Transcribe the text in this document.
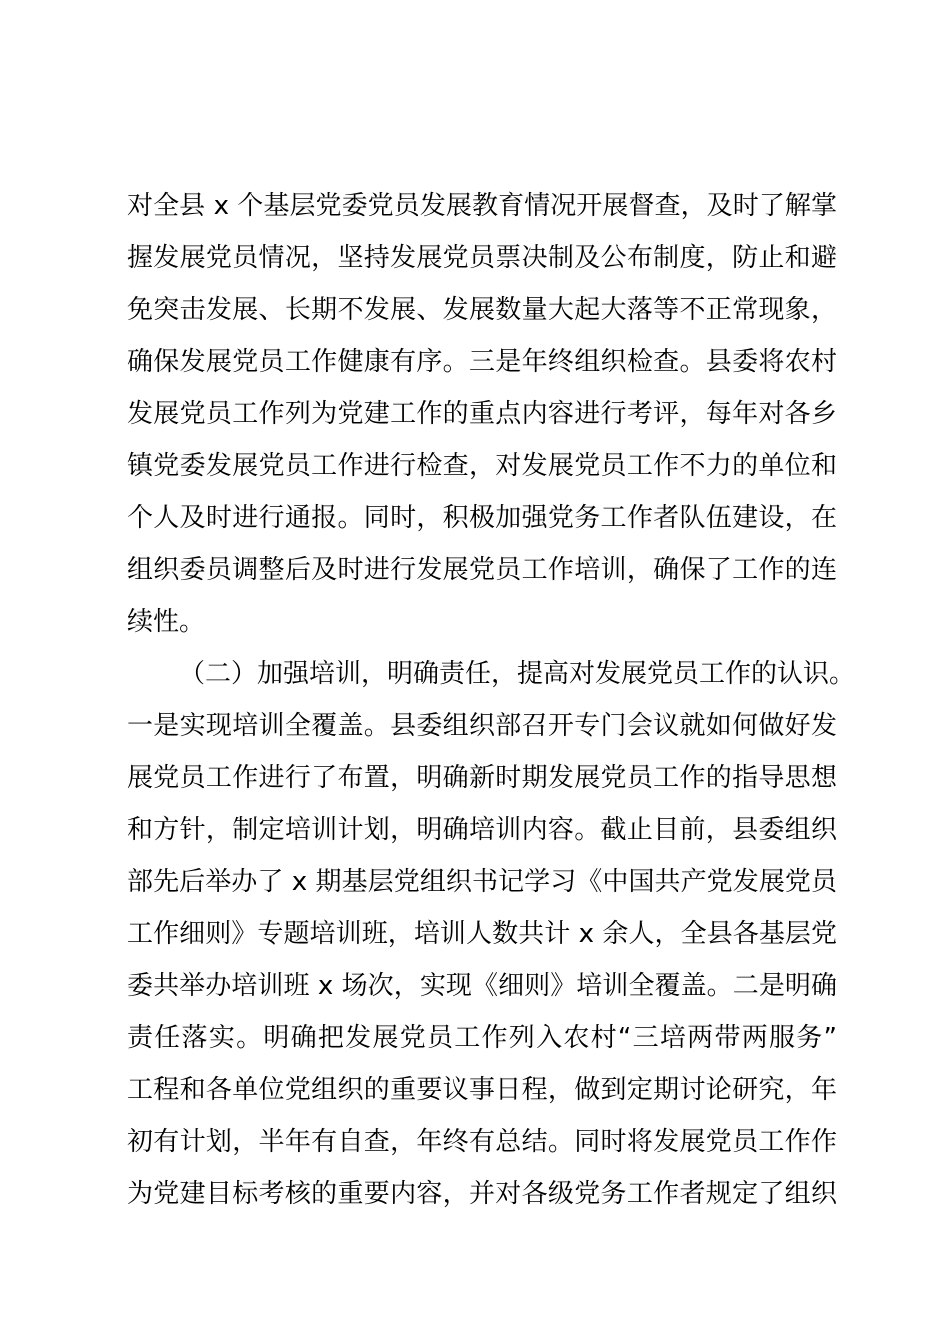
对全县 x 个基层党委党员发展教育情况开展督查，及时了解掌
握发展党员情况，坚持发展党员票决制及公布制度，防止和避
免突击发展、长期不发展、发展数量大起大落等不正常现象，
确保发展党员工作健康有序。三是年终组织检查。县委将农村
发展党员工作列为党建工作的重点内容进行考评，每年对各乡
镇党委发展党员工作进行检查，对发展党员工作不力的单位和
个人及时进行通报。同时，积极加强党务工作者队伍建设，在
组织委员调整后及时进行发展党员工作培训，确保了工作的连
续性。
（二）加强培训，明确责任，提高对发展党员工作的认识。
一是实现培训全覆盖。县委组织部召开专门会议就如何做好发
展党员工作进行了布置，明确新时期发展党员工作的指导思想
和方针，制定培训计划，明确培训内容。截止目前，县委组织
部先后举办了 x 期基层党组织书记学习《中国共产党发展党员
工作细则》专题培训班，培训人数共计 x 余人，全县各基层党
委共举办培训班 x 场次，实现《细则》培训全覆盖。二是明确
责任落实。明确把发展党员工作列入农村“三培两带两服务”
工程和各单位党组织的重要议事日程，做到定期讨论研究，年
初有计划，半年有自查，年终有总结。同时将发展党员工作作
为党建目标考核的重要内容，并对各级党务工作者规定了组织
